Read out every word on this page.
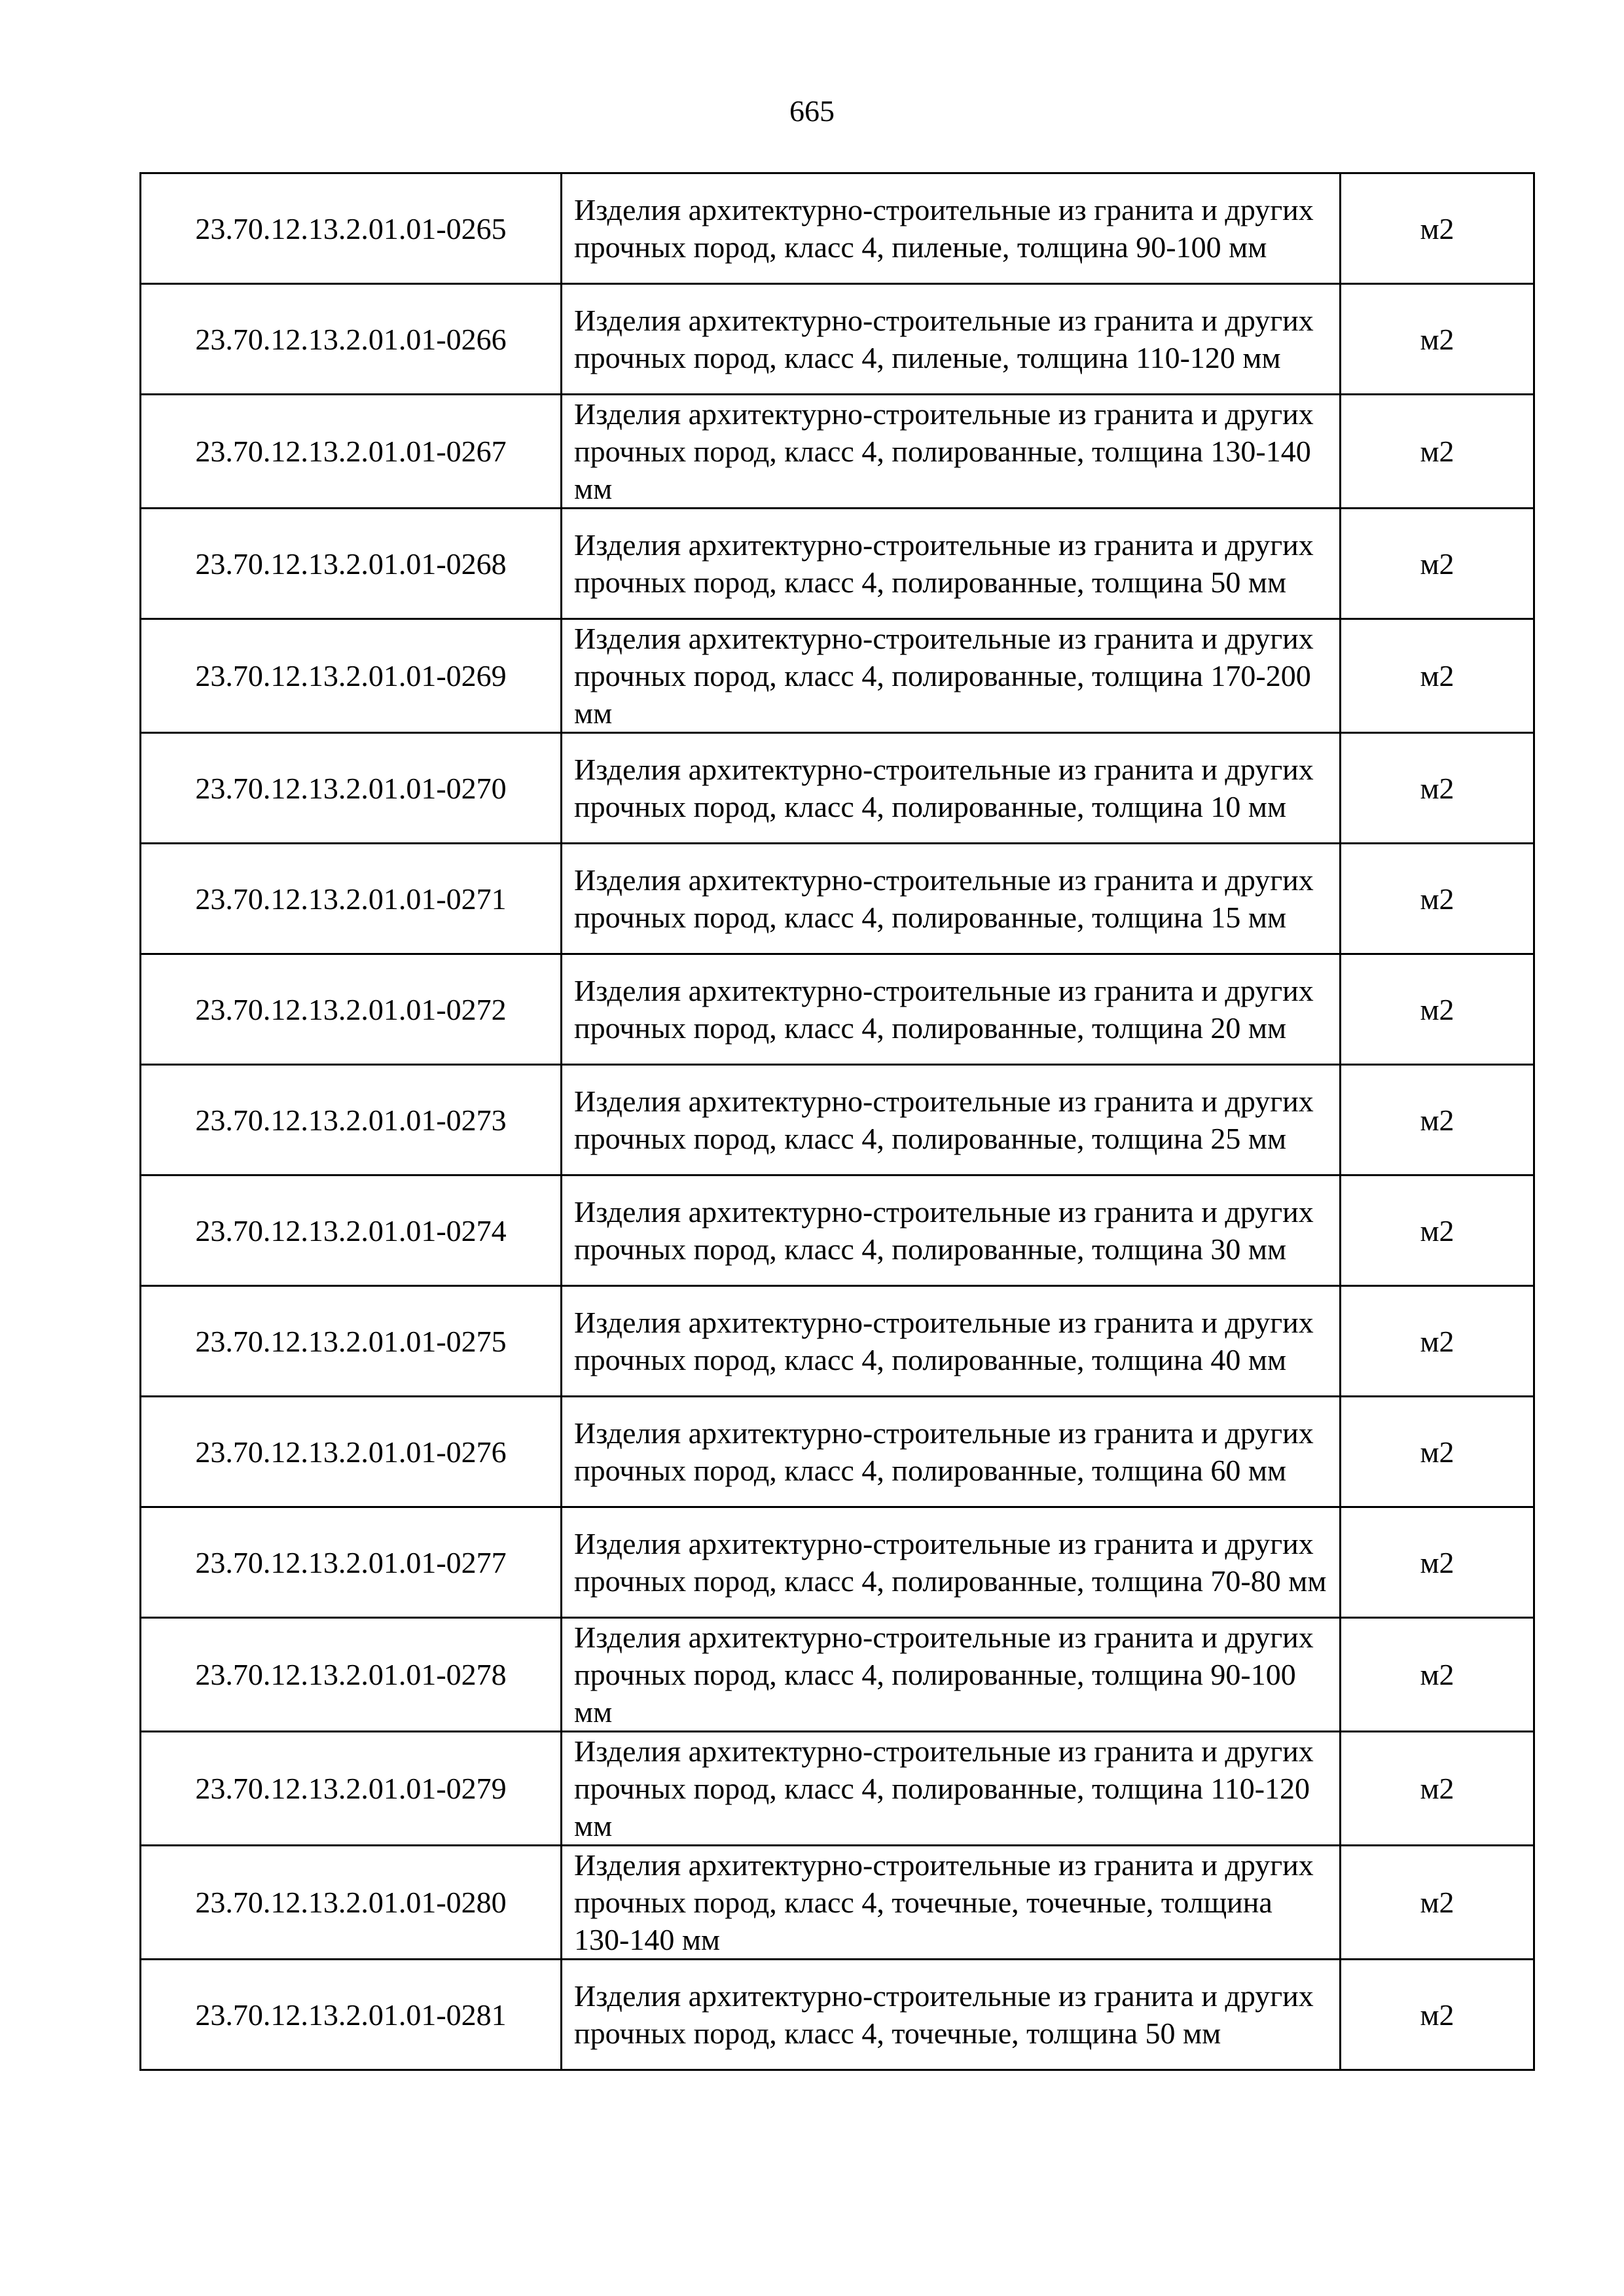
665
23.70.12.13.2.01.01-0265	Изделия архитектурно-строительные из гранита и других прочных пород, класс 4, пиленые, толщина 90-100 мм	м2
23.70.12.13.2.01.01-0266	Изделия архитектурно-строительные из гранита и других прочных пород, класс 4, пиленые, толщина 110-120 мм	м2
23.70.12.13.2.01.01-0267	Изделия архитектурно-строительные из гранита и других прочных пород, класс 4, полированные, толщина 130-140 мм	м2
23.70.12.13.2.01.01-0268	Изделия архитектурно-строительные из гранита и других прочных пород, класс 4, полированные, толщина 50 мм	м2
23.70.12.13.2.01.01-0269	Изделия архитектурно-строительные из гранита и других прочных пород, класс 4, полированные, толщина 170-200 мм	м2
23.70.12.13.2.01.01-0270	Изделия архитектурно-строительные из гранита и других прочных пород, класс 4, полированные, толщина 10 мм	м2
23.70.12.13.2.01.01-0271	Изделия архитектурно-строительные из гранита и других прочных пород, класс 4, полированные, толщина 15 мм	м2
23.70.12.13.2.01.01-0272	Изделия архитектурно-строительные из гранита и других прочных пород, класс 4, полированные, толщина 20 мм	м2
23.70.12.13.2.01.01-0273	Изделия архитектурно-строительные из гранита и других прочных пород, класс 4, полированные, толщина 25 мм	м2
23.70.12.13.2.01.01-0274	Изделия архитектурно-строительные из гранита и других прочных пород, класс 4, полированные, толщина 30 мм	м2
23.70.12.13.2.01.01-0275	Изделия архитектурно-строительные из гранита и других прочных пород, класс 4, полированные, толщина 40 мм	м2
23.70.12.13.2.01.01-0276	Изделия архитектурно-строительные из гранита и других прочных пород, класс 4, полированные, толщина 60 мм	м2
23.70.12.13.2.01.01-0277	Изделия архитектурно-строительные из гранита и других прочных пород, класс 4, полированные, толщина 70-80 мм	м2
23.70.12.13.2.01.01-0278	Изделия архитектурно-строительные из гранита и других прочных пород, класс 4, полированные, толщина 90-100 мм	м2
23.70.12.13.2.01.01-0279	Изделия архитектурно-строительные из гранита и других прочных пород, класс 4, полированные, толщина 110-120 мм	м2
23.70.12.13.2.01.01-0280	Изделия архитектурно-строительные из гранита и других прочных пород, класс 4, точечные, точечные, толщина 130-140 мм	м2
23.70.12.13.2.01.01-0281	Изделия архитектурно-строительные из гранита и других прочных пород, класс 4, точечные, толщина 50 мм	м2
